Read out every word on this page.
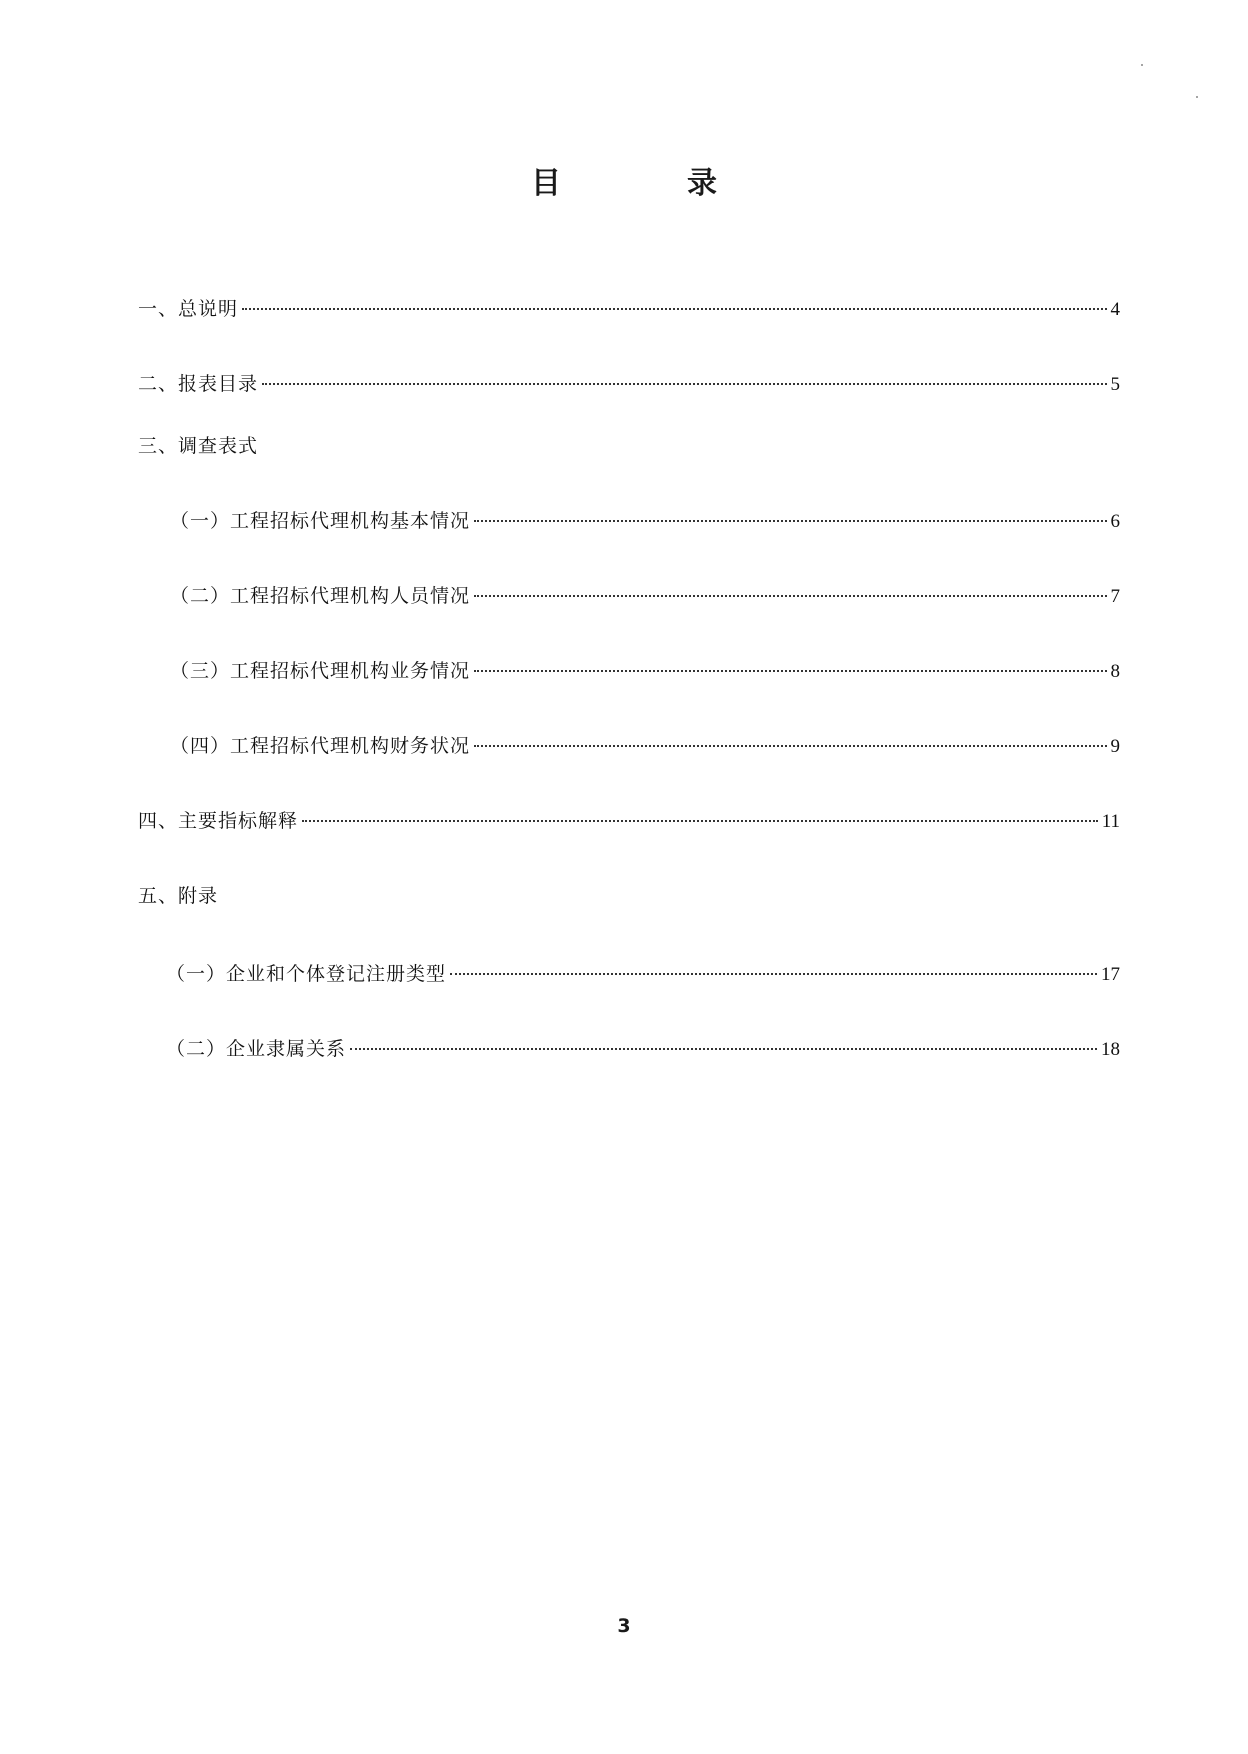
目　录
一、总说明	4
二、报表目录	5
三、调查表式
（一）工程招标代理机构基本情况	6
（二）工程招标代理机构人员情况	7
（三）工程招标代理机构业务情况	8
（四）工程招标代理机构财务状况	9
四、主要指标解释	11
五、附录
（一）企业和个体登记注册类型	17
（二）企业隶属关系	18
3
